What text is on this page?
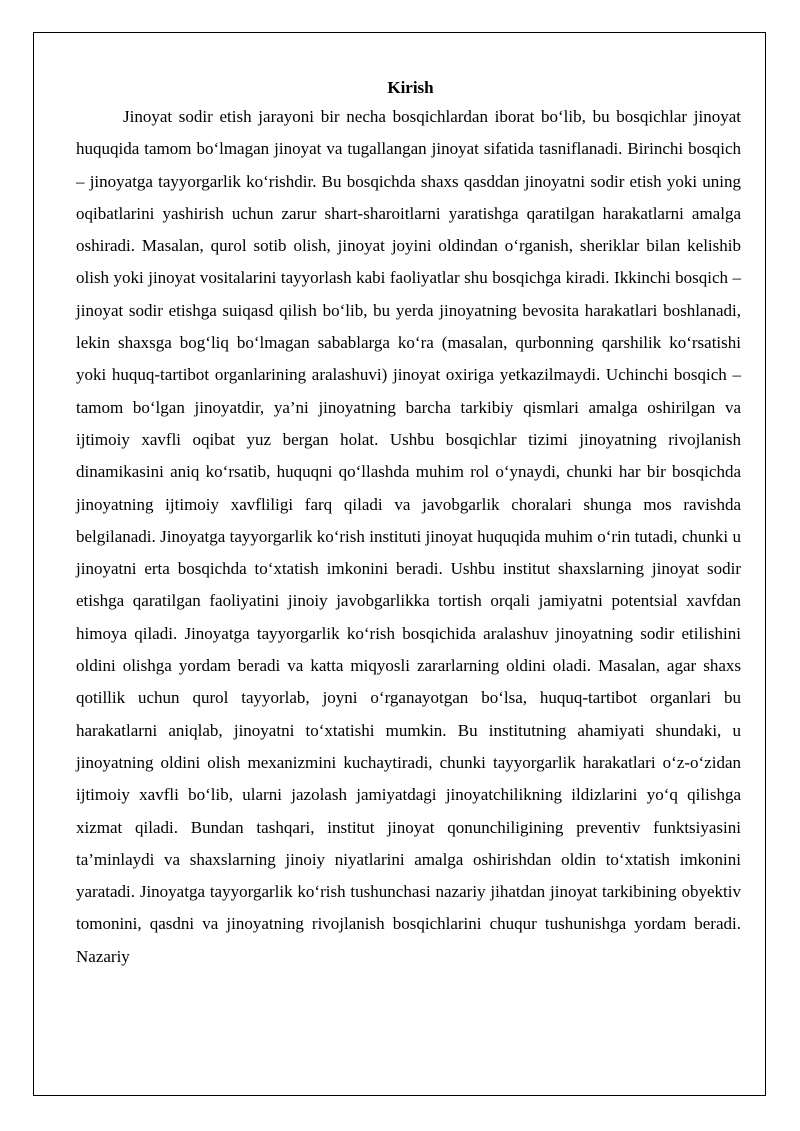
Kirish

Jinoyat sodir etish jarayoni bir necha bosqichlardan iborat bo‘lib, bu bosqichlar jinoyat huquqida tamom bo‘lmagan jinoyat va tugallangan jinoyat sifatida tasniflanadi. Birinchi bosqich – jinoyatga tayyorgarlik ko‘rishdir. Bu bosqichda shaxs qasddan jinoyatni sodir etish yoki uning oqibatlarini yashirish uchun zarur shart-sharoitlarni yaratishga qaratilgan harakatlarni amalga oshiradi. Masalan, qurol sotib olish, jinoyat joyini oldindan o‘rganish, sheriklar bilan kelishib olish yoki jinoyat vositalarini tayyorlash kabi faoliyatlar shu bosqichga kiradi. Ikkinchi bosqich – jinoyat sodir etishga suiqasd qilish bo‘lib, bu yerda jinoyatning bevosita harakatlari boshlanadi, lekin shaxsga bog‘liq bo‘lmagan sabablarga ko‘ra (masalan, qurbonning qarshilik ko‘rsatishi yoki huquq-tartibot organlarining aralashuvi) jinoyat oxiriga yetkazilmaydi. Uchinchi bosqich – tamom bo‘lgan jinoyatdir, ya’ni jinoyatning barcha tarkibiy qismlari amalga oshirilgan va ijtimoiy xavfli oqibat yuz bergan holat. Ushbu bosqichlar tizimi jinoyatning rivojlanish dinamikasini aniq ko‘rsatib, huquqni qo‘llashda muhim rol o‘ynaydi, chunki har bir bosqichda jinoyatning ijtimoiy xavfliligi farq qiladi va javobgarlik choralari shunga mos ravishda belgilanadi. Jinoyatga tayyorgarlik ko‘rish instituti jinoyat huquqida muhim o‘rin tutadi, chunki u jinoyatni erta bosqichda to‘xtatish imkonini beradi. Ushbu institut shaxslarning jinoyat sodir etishga qaratilgan faoliyatini jinoiy javobgarlikka tortish orqali jamiyatni potentsial xavfdan himoya qiladi. Jinoyatga tayyorgarlik ko‘rish bosqichida aralashuv jinoyatning sodir etilishini oldini olishga yordam beradi va katta miqyosli zararlarning oldini oladi. Masalan, agar shaxs qotillik uchun qurol tayyorlab, joyni o‘rganayotgan bo‘lsa, huquq-tartibot organlari bu harakatlarni aniqlab, jinoyatni to‘xtatishi mumkin. Bu institutning ahamiyati shundaki, u jinoyatning oldini olish mexanizmini kuchaytiradi, chunki tayyorgarlik harakatlari o‘z-o‘zidan ijtimoiy xavfli bo‘lib, ularni jazolash jamiyatdagi jinoyatchilikning ildizlarini yo‘q qilishga xizmat qiladi. Bundan tashqari, institut jinoyat qonunchiligining preventiv funktsiyasini ta’minlaydi va shaxslarning jinoiy niyatlarini amalga oshirishdan oldin to‘xtatish imkonini yaratadi. Jinoyatga tayyorgarlik ko‘rish tushunchasi nazariy jihatdan jinoyat tarkibining obyektiv tomonini, qasdni va jinoyatning rivojlanish bosqichlarini chuqur tushunishga yordam beradi. Nazariy
